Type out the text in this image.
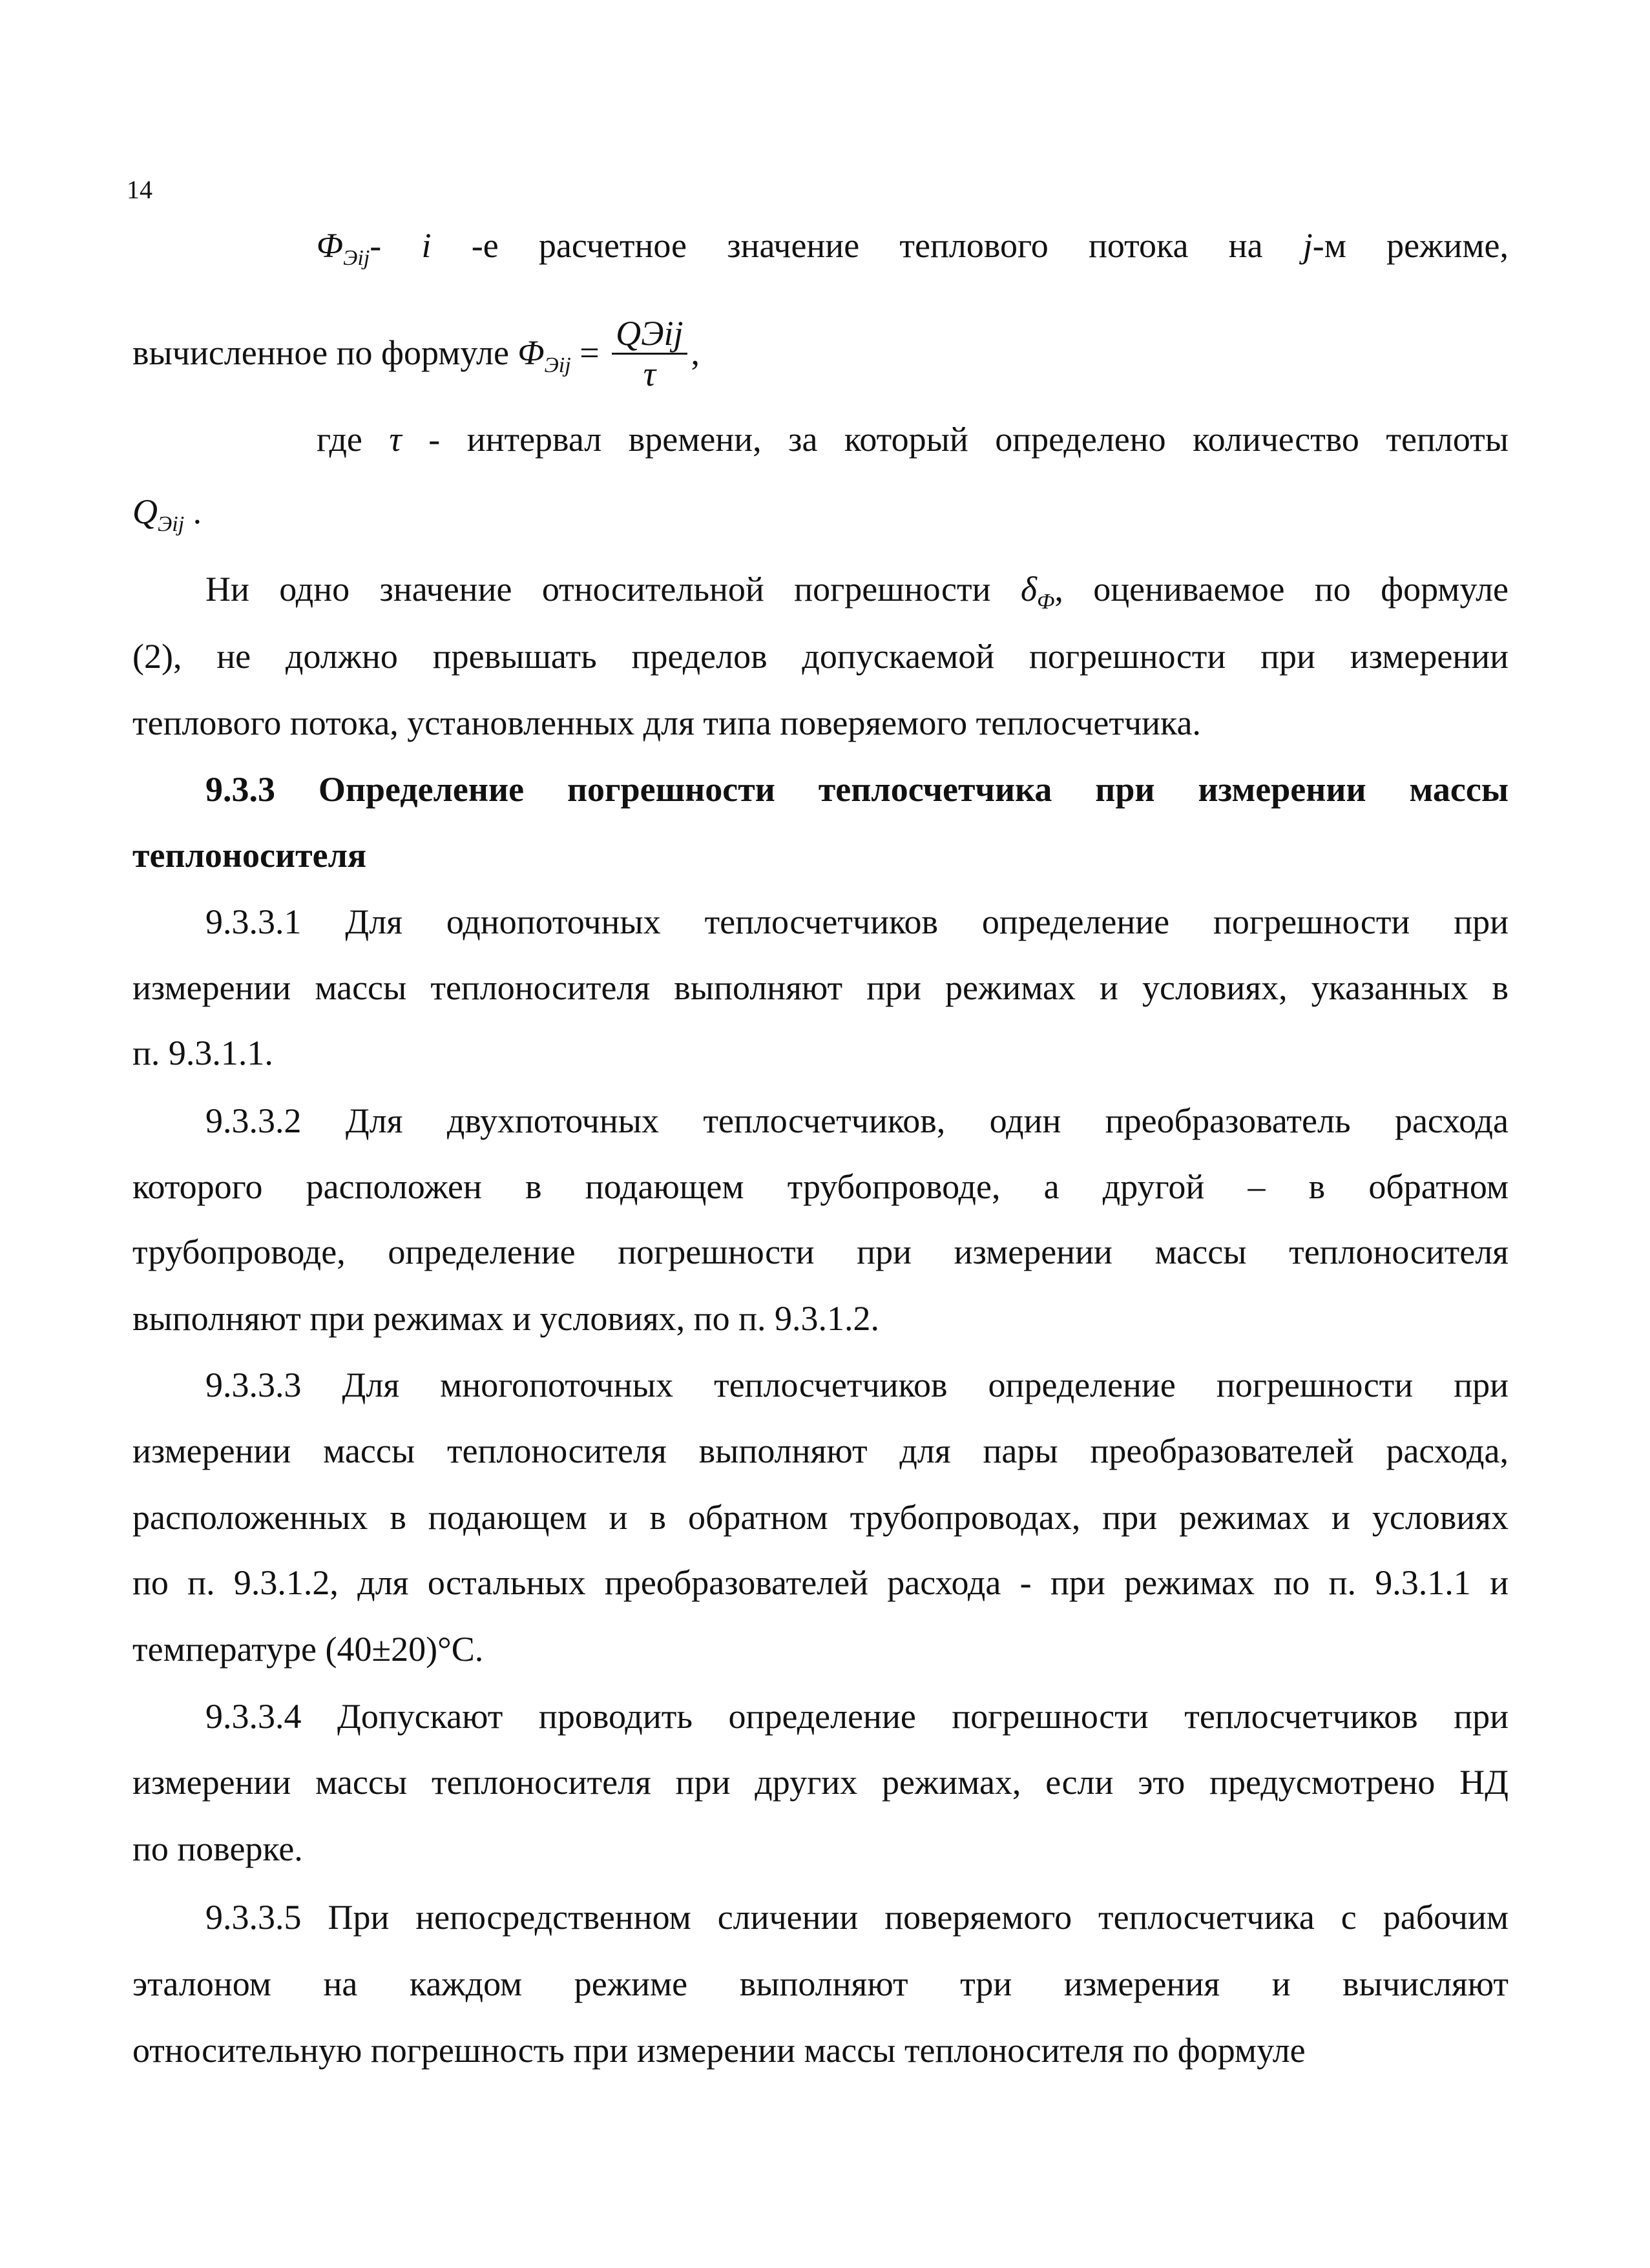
14
$\Phi_{Эij}-$ i -е расчетное значение теплового потока на j-м режиме,
вычисленное по формуле $\Phi_{Эij} = \frac{\text{QЭij}}{\tau}$ ,
где τ - интервал времени, за который определено количество теплоты
$Q_{Эij}$ .
Ни одно значение относительной погрешности $\delta_Ф$, оцениваемое по формуле
(2), не должно превышать пределов допускаемой погрешности при измерении
теплового потока, установленных для типа поверяемого теплосчетчика.
9.3.3 Определение погрешности теплосчетчика при измерении массы
теплоносителя
9.3.3.1 Для однопоточных теплосчетчиков определение погрешности при
измерении массы теплоносителя выполняют при режимах и условиях, указанных в
п. 9.3.1.1.
9.3.3.2 Для двухпоточных теплосчетчиков, один преобразователь расхода
которого расположен в подающем трубопроводе, а другой – в обратном
трубопроводе, определение погрешности при измерении массы теплоносителя
выполняют при режимах и условиях, по п. 9.3.1.2.
9.3.3.3 Для многопоточных теплосчетчиков определение погрешности при
измерении массы теплоносителя выполняют для пары преобразователей расхода,
расположенных в подающем и в обратном трубопроводах, при режимах и условиях
по п. 9.3.1.2, для остальных преобразователей расхода - при режимах по п. 9.3.1.1 и
температуре (40±20)°С.
9.3.3.4 Допускают проводить определение погрешности теплосчетчиков при
измерении массы теплоносителя при других режимах, если это предусмотрено НД
по поверке.
9.3.3.5 При непосредственном сличении поверяемого теплосчетчика с рабочим
эталоном на каждом режиме выполняют три измерения и вычисляют
относительную погрешность при измерении массы теплоносителя по формуле
